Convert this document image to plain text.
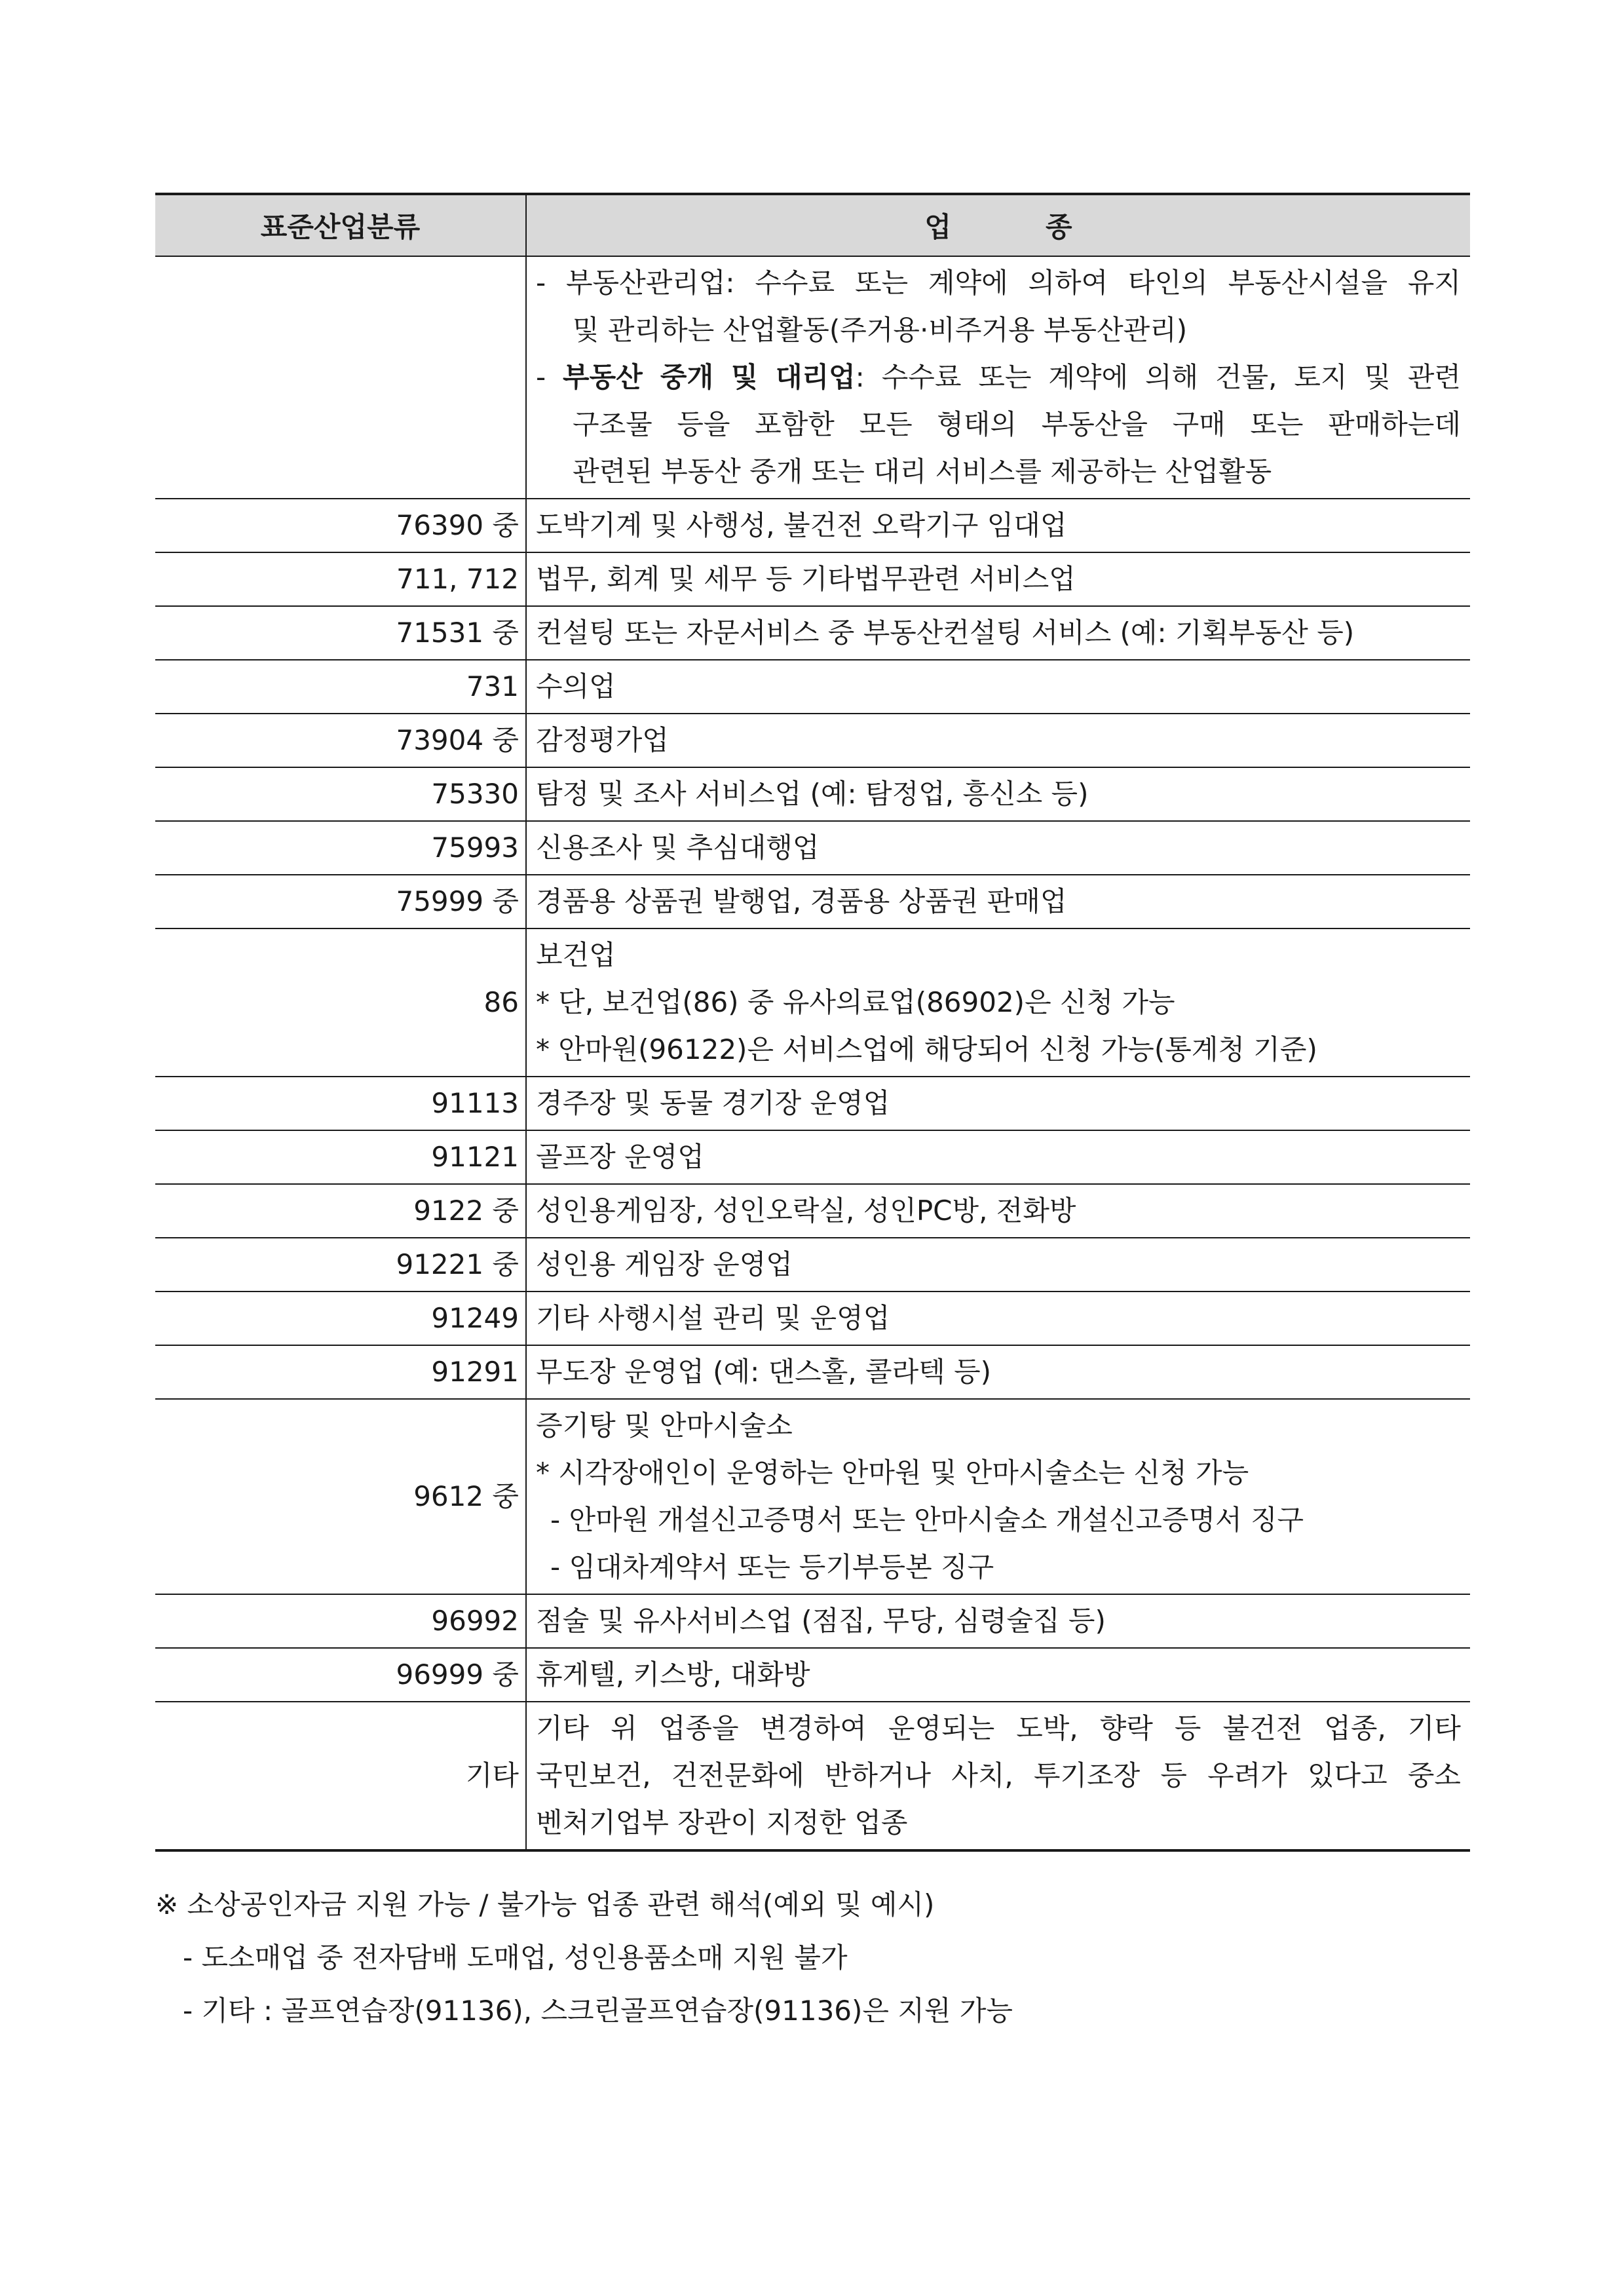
표준산업분류	업 종

	- 부동산관리업: 수수료 또는 계약에 의하여 타인의 부동산시설을 유지
및 관리하는 산업활동(주거용·비주거용 부동산관리)
- 부동산 중개 및 대리업: 수수료 또는 계약에 의해 건물, 토지 및 관련
구조물 등을 포함한 모든 형태의 부동산을 구매 또는 판매하는데
관련된 부동산 중개 또는 대리 서비스를 제공하는 산업활동

76390 중	도박기계 및 사행성, 불건전 오락기구 임대업
711, 712	법무, 회계 및 세무 등 기타법무관련 서비스업
71531 중	컨설팅 또는 자문서비스 중 부동산컨설팅 서비스 (예: 기획부동산 등)
731	수의업
73904 중	감정평가업
75330	탐정 및 조사 서비스업 (예: 탐정업, 흥신소 등)
75993	신용조사 및 추심대행업
75999 중	경품용 상품권 발행업, 경품용 상품권 판매업
86	보건업
* 단, 보건업(86) 중 유사의료업(86902)은 신청 가능
* 안마원(96122)은 서비스업에 해당되어 신청 가능(통계청 기준)

91113	경주장 및 동물 경기장 운영업
91121	골프장 운영업
9122 중	성인용게임장, 성인오락실, 성인PC방, 전화방
91221 중	성인용 게임장 운영업
91249	기타 사행시설 관리 및 운영업
91291	무도장 운영업 (예: 댄스홀, 콜라텍 등)
9612 중	증기탕 및 안마시술소
* 시각장애인이 운영하는 안마원 및 안마시술소는 신청 가능
- 안마원 개설신고증명서 또는 안마시술소 개설신고증명서 징구
- 임대차계약서 또는 등기부등본 징구

96992	점술 및 유사서비스업 (점집, 무당, 심령술집 등)
96999 중	휴게텔, 키스방, 대화방
기타	기타 위 업종을 변경하여 운영되는 도박, 향락 등 불건전 업종, 기타
국민보건, 건전문화에 반하거나 사치, 투기조장 등 우려가 있다고 중소
벤처기업부 장관이 지정한 업종
※ 소상공인자금 지원 가능 / 불가능 업종 관련 해석(예외 및 예시)
- 도소매업 중 전자담배 도매업, 성인용품소매 지원 불가
- 기타 : 골프연습장(91136), 스크린골프연습장(91136)은 지원 가능
